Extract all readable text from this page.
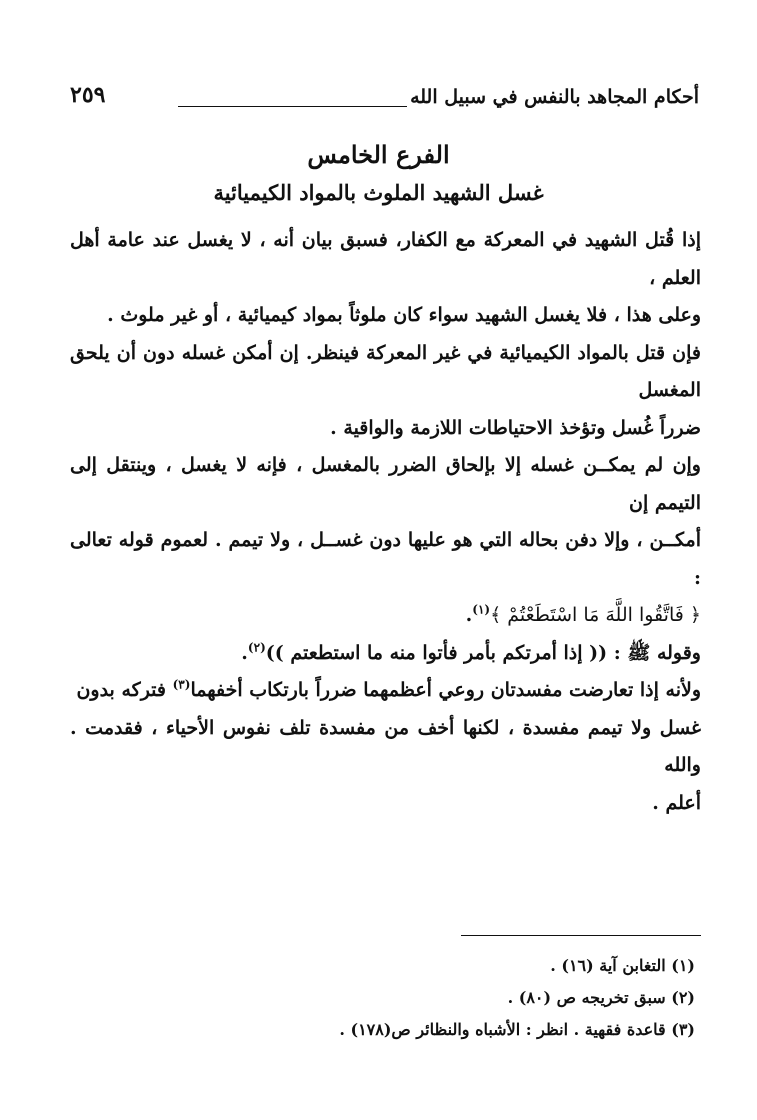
أحكام المجاهد بالنفس في سبيل الله
٢٥٩
الفرع الخامس
غسل الشهيد الملوث بالمواد الكيميائية

إذا قُتل الشهيد في المعركة مع الكفار، فسبق بيان أنه ، لا يغسل عند عامة أهل العلم ،

وعلى هذا ، فلا يغسل الشهيد سواء كان ملوثاً بمواد كيميائية ، أو غير ملوث .

فإن قتل بالمواد الكيميائية في غير المعركة فينظر. إن أمكن غسله دون أن يلحق المغسل

ضرراً غُسل وتؤخذ الاحتياطات اللازمة والواقية .

وإن لم يمكــن غسله إلا بإلحاق الضرر بالمغسل ، فإنه لا يغسل ، وينتقل إلى التيمم إن

أمكــن ، وإلا دفن بحاله التي هو عليها دون غســل ، ولا تيمم . لعموم قوله تعالى :

﴿ فَاتَّقُوا اللَّهَ مَا اسْتَطَعْتُمْ ﴾$^{(١)}$.

وقوله ﷺ : (( إذا أمرتكم بأمر فأتوا منه ما استطعتم ))$^{(٢)}$.

ولأنه إذا تعارضت مفسدتان روعي أعظمهما ضرراً بارتكاب أخفهما$^{(٣)}$ فتركه بدون

غسل ولا تيمم مفسدة ، لكنها أخف من مفسدة تلف نفوس الأحياء ، فقدمت . والله

أعلم .

(١) التغابن آية (١٦) .

(٢) سبق تخريجه ص (٨٠) .

(٣) قاعدة فقهية . انظر : الأشباه والنظائر ص(١٧٨) .
